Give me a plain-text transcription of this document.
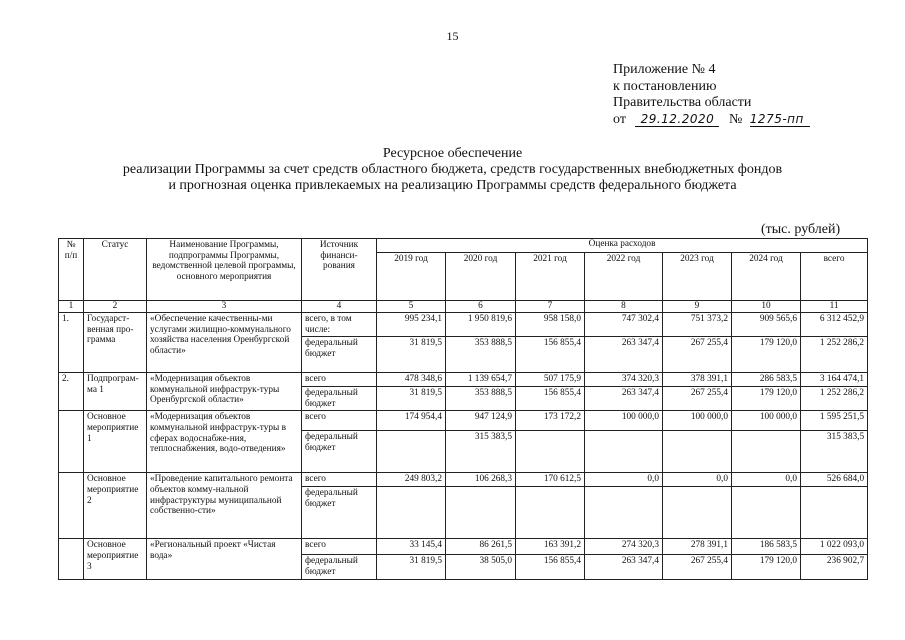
15
Приложение № 4
к постановлению
Правительства области
от 29.12.2020 № 1275-пп
Ресурсное обеспечение
реализации Программы за счет средств областного бюджета, средств государственных внебюджетных фондов
и прогнозная оценка привлекаемых на реализацию Программы средств федерального бюджета
(тыс. рублей)
№ п/п	Статус	Наименование Программы, подпрограммы Программы, ведомственной целевой программы, основного мероприятия	Источник финанси-рования	Оценка расходов						
				2019 год	2020 год	2021 год	2022 год	2023 год	2024 год	всего
1	2	3	4	5	6	7	8	9	10	11
1.	Государст-венная про-грамма	«Обеспечение качественны-ми услугами жилищно-коммунального хозяйства населения Оренбургской области»	всего, в том числе:	995 234,1	1 950 819,6	958 158,0	747 302,4	751 373,2	909 565,6	6 312 452,9
			федеральный бюджет	31 819,5	353 888,5	156 855,4	263 347,4	267 255,4	179 120,0	1 252 286,2
2.	Подпрограм-ма 1	«Модернизация объектов коммунальной инфраструк-туры Оренбургской области»	всего	478 348,6	1 139 654,7	507 175,9	374 320,3	378 391,1	286 583,5	3 164 474,1
			федеральный бюджет	31 819,5	353 888,5	156 855,4	263 347,4	267 255,4	179 120,0	1 252 286,2
	Основное мероприятие 1	«Модернизация объектов коммунальной инфраструк-туры в сферах водоснабже-ния, теплоснабжения, водо-отведения»	всего	174 954,4	947 124,9	173 172,2	100 000,0	100 000,0	100 000,0	1 595 251,5
			федеральный бюджет		315 383,5					315 383,5
	Основное мероприятие 2	«Проведение капитального ремонта объектов комму-нальной инфраструктуры муниципальной собственно-сти»	всего	249 803,2	106 268,3	170 612,5	0,0	0,0	0,0	526 684,0
			федеральный бюджет							
	Основное мероприятие 3	«Региональный проект «Чистая вода»	всего	33 145,4	86 261,5	163 391,2	274 320,3	278 391,1	186 583,5	1 022 093,0
			федеральный бюджет	31 819,5	38 505,0	156 855,4	263 347,4	267 255,4	179 120,0	236 902,7
